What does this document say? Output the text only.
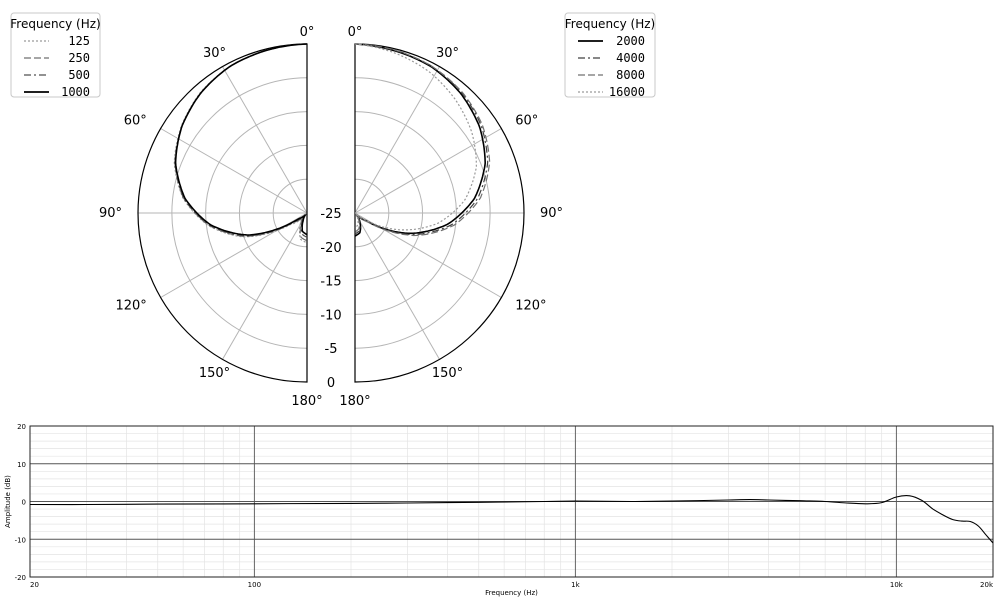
0°
30°
60°
90°
120°
150°
180°
Frequency (Hz)
125
250
500
1000
0°
30°
60°
90°
120°
150°
180°
Frequency (Hz)
2000
4000
8000
16000
-25
-20
-15
-10
-5
0
20	100	1k	10k	20k
20
10
0
-10
-20
Frequency (Hz)
Amplitude (dB)
